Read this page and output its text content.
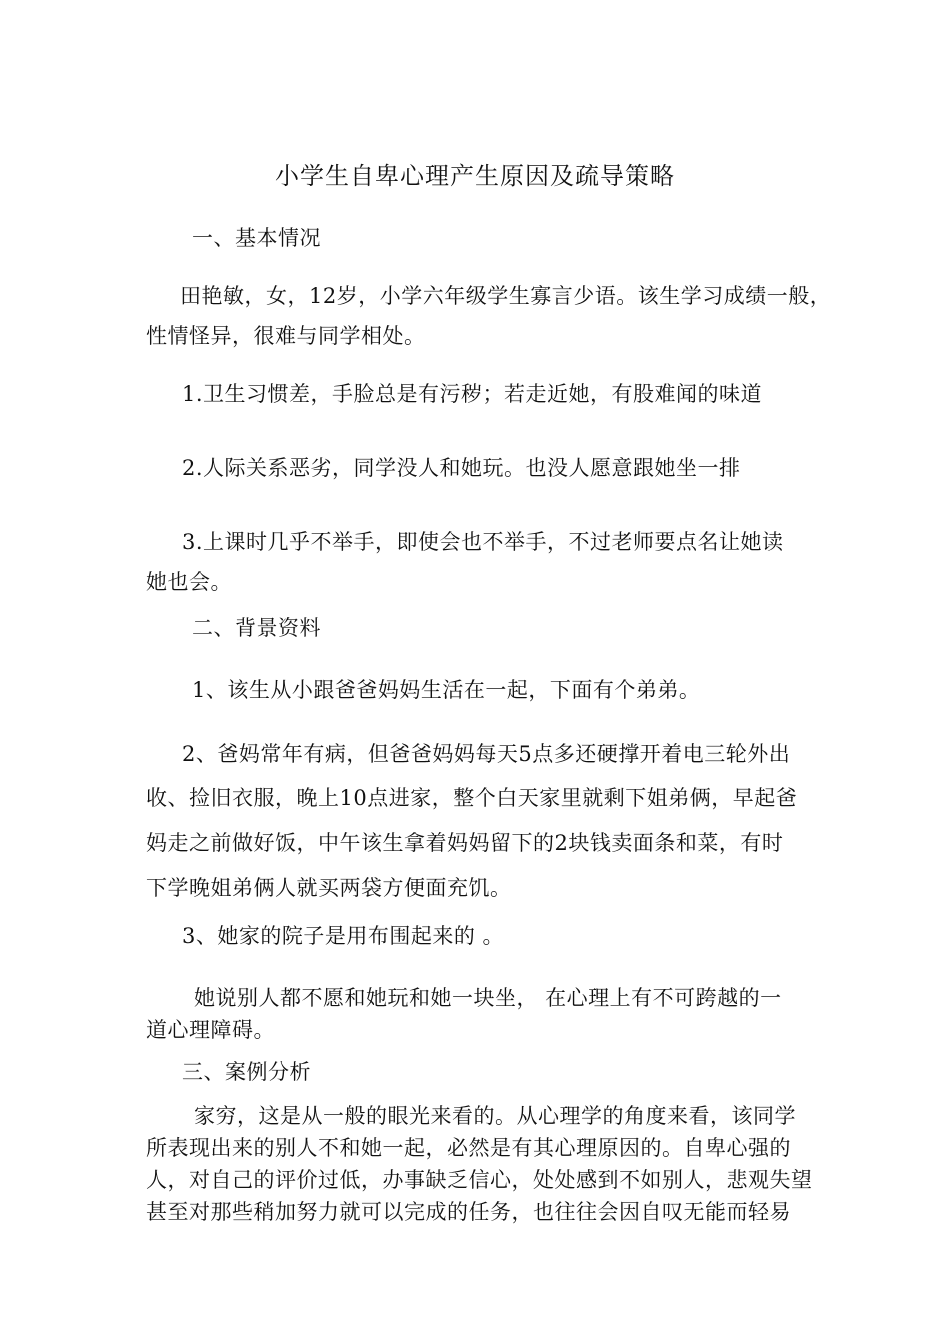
小学生自卑心理产生原因及疏导策略
一、基本情况
田艳敏，女，12岁，小学六年级学生寡言少语。该生学习成绩一般，
性情怪异，很难与同学相处。
1.卫生习惯差，手脸总是有污秽；若走近她，有股难闻的味道
2.人际关系恶劣，同学没人和她玩。也没人愿意跟她坐一排
3.上课时几乎不举手，即使会也不举手，不过老师要点名让她读
她也会。
二、背景资料
1、该生从小跟爸爸妈妈生活在一起，下面有个弟弟。
2、爸妈常年有病，但爸爸妈妈每天5点多还硬撑开着电三轮外出
收、捡旧衣服，晚上10点进家，整个白天家里就剩下姐弟俩，早起爸
妈走之前做好饭，中午该生拿着妈妈留下的2块钱卖面条和菜，有时
下学晚姐弟俩人就买两袋方便面充饥。
3、她家的院子是用布围起来的 。
她说别人都不愿和她玩和她一块坐， 在心理上有不可跨越的一
道心理障碍。
三、案例分析
家穷，这是从一般的眼光来看的。从心理学的角度来看，该同学
所表现出来的别人不和她一起，必然是有其心理原因的。自卑心强的
人，对自己的评价过低，办事缺乏信心，处处感到不如别人，悲观失望
甚至对那些稍加努力就可以完成的任务，也往往会因自叹无能而轻易
